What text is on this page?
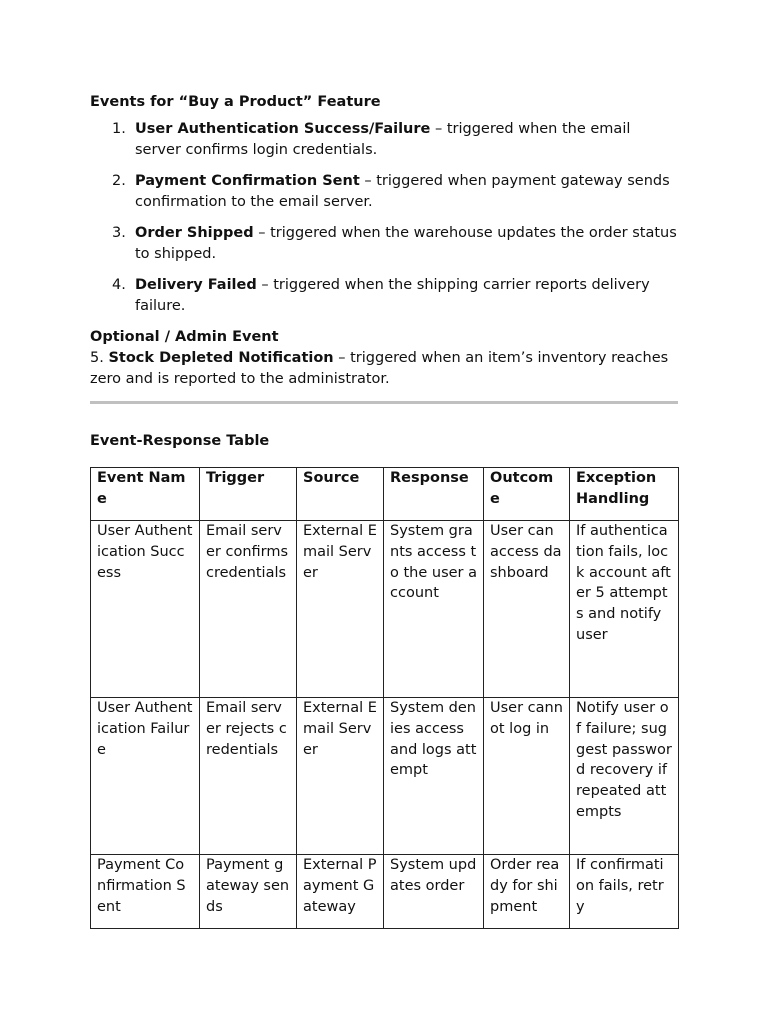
Events for “Buy a Product” Feature
1. User Authentication Success/Failure – triggered when the email server confirms login credentials.
2. Payment Confirmation Sent – triggered when payment gateway sends confirmation to the email server.
3. Order Shipped – triggered when the warehouse updates the order status to shipped.
4. Delivery Failed – triggered when the shipping carrier reports delivery failure.
Optional / Admin Event
5. Stock Depleted Notification – triggered when an item’s inventory reaches zero and is reported to the administrator.
Event-Response Table
Event Name	Trigger	Source	Response	Outcome	Exception Handling
User Authentication Success	Email server confirms credentials	External Email Server	System grants access to the user account	User can access dashboard	If authentication fails, lock account after 5 attempts and notify user
User Authentication Failure	Email server rejects credentials	External Email Server	System denies access and logs attempt	User cannot log in	Notify user of failure; suggest password recovery if repeated attempts
Payment Confirmation Sent	Payment gateway sends	External Payment Gateway	System updates order	Order ready for shipment	If confirmation fails, retry
